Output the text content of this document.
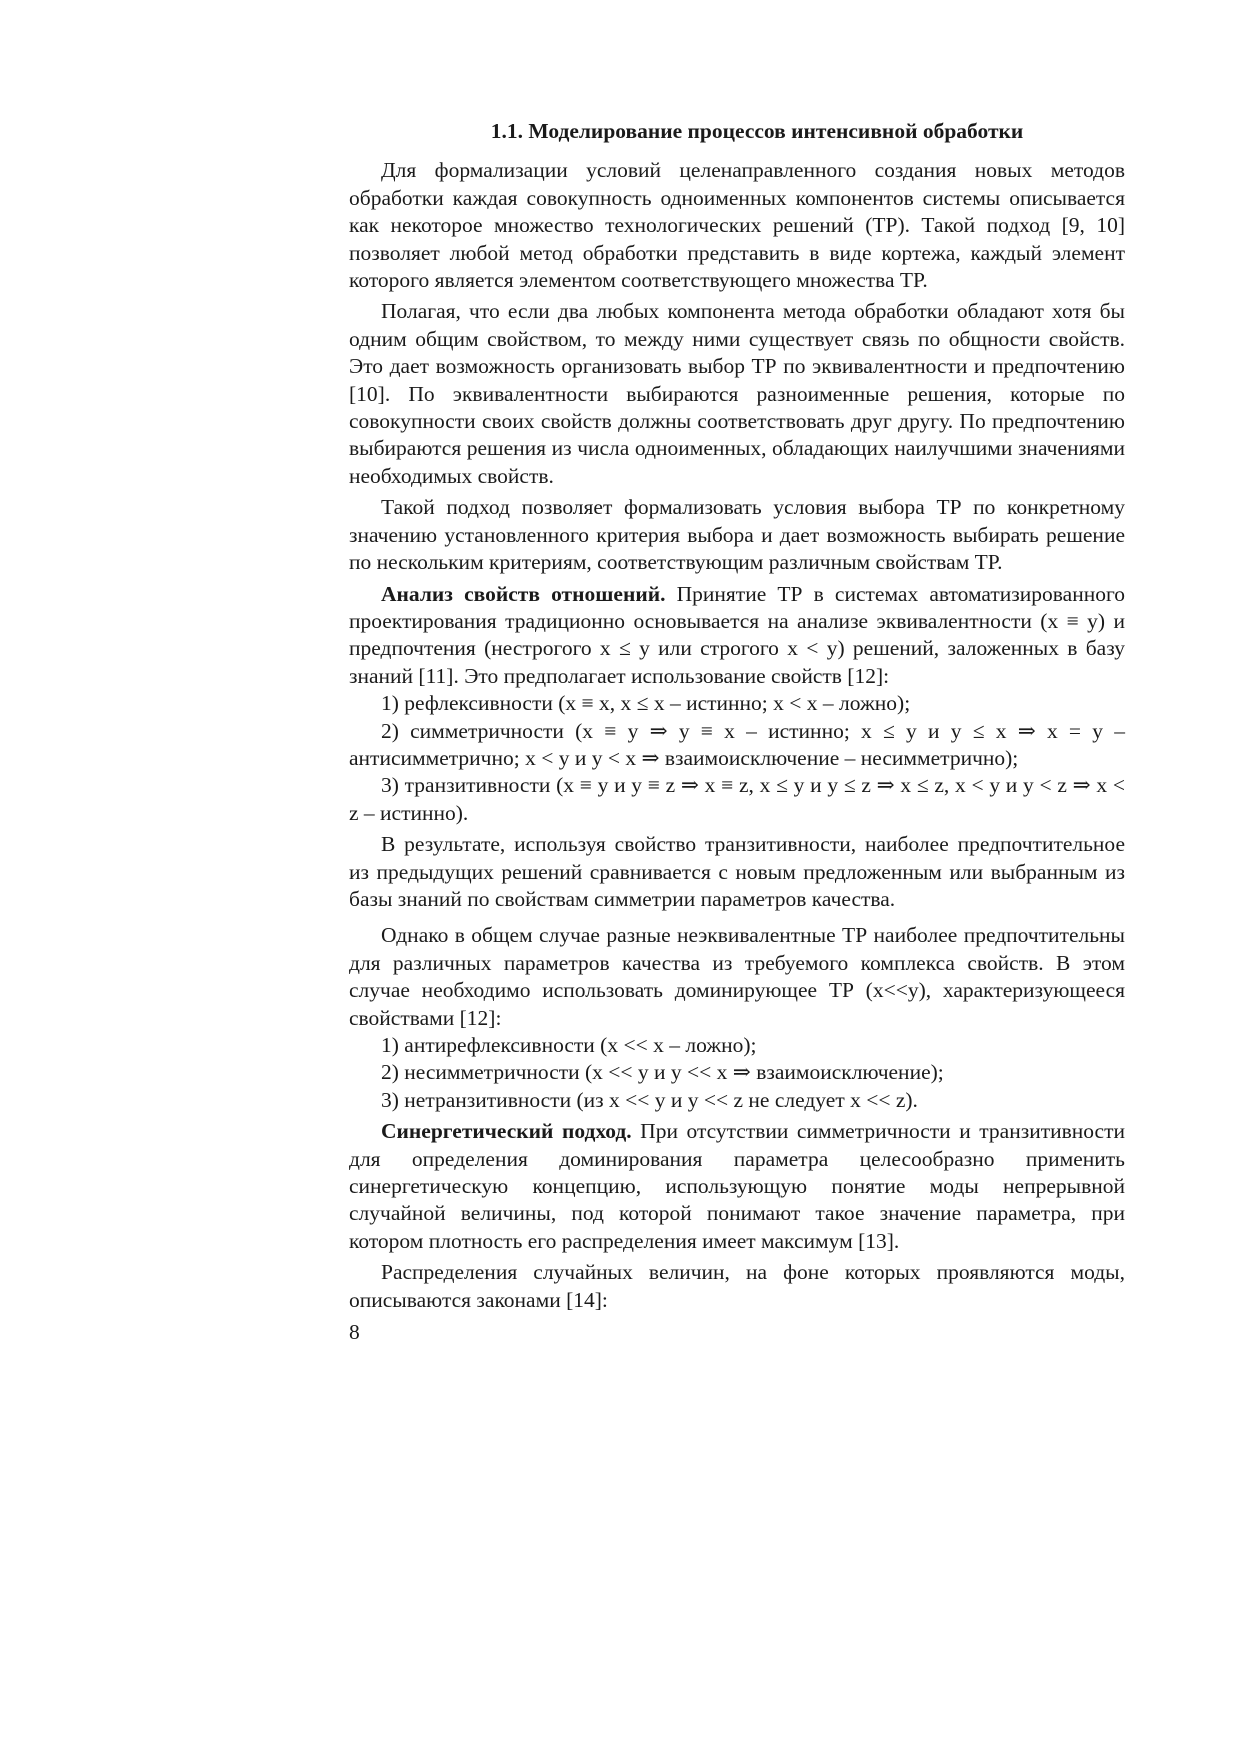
1.1. Моделирование процессов интенсивной обработки

Для формализации условий целенаправленного создания новых методов обработки каждая совокупность одноименных компонентов системы описывается как некоторое множество технологических решений (ТР). Такой подход [9, 10] позволяет любой метод обработки представить в виде кортежа, каждый элемент которого является элементом соответствующего множества ТР.

Полагая, что если два любых компонента метода обработки обладают хотя бы одним общим свойством, то между ними существует связь по общности свойств. Это дает возможность организовать выбор ТР по эквивалентности и предпочтению [10]. По эквивалентности выбираются разноименные решения, которые по совокупности своих свойств должны соответствовать друг другу. По предпочтению выбираются решения из числа одноименных, обладающих наилучшими значениями необходимых свойств.

Такой подход позволяет формализовать условия выбора ТР по конкретному значению установленного критерия выбора и дает возможность выбирать решение по нескольким критериям, соответствующим различным свойствам ТР.

Анализ свойств отношений. Принятие ТР в системах автоматизированного проектирования традиционно основывается на анализе эквивалентности (x ≡ y) и предпочтения (нестрогого x ≤ y или строгого x < y) решений, заложенных в базу знаний [11]. Это предполагает использование свойств [12]:

1) рефлексивности (x ≡ x, x ≤ x – истинно; x < x – ложно);

2) симметричности (x ≡ y ⇒ y ≡ x – истинно; x ≤ y и y ≤ x ⇒ x = y – антисимметрично; x < y и y < x ⇒ взаимоисключение – несимметрично);

3) транзитивности (x ≡ y и y ≡ z ⇒ x ≡ z, x ≤ y и y ≤ z ⇒ x ≤ z, x < y и y < z ⇒ x < z – истинно).

В результате, используя свойство транзитивности, наиболее предпочтительное из предыдущих решений сравнивается с новым предложенным или выбранным из базы знаний по свойствам симметрии параметров качества.

Однако в общем случае разные неэквивалентные ТР наиболее предпочтительны для различных параметров качества из требуемого комплекса свойств. В этом случае необходимо использовать доминирующее ТР (x<<y), характеризующееся свойствами [12]:

1) антирефлексивности (x << x – ложно);

2) несимметричности (x << y и y << x ⇒ взаимоисключение);

3) нетранзитивности (из x << y и y << z не следует x << z).

Синергетический подход. При отсутствии симметричности и транзитивности для определения доминирования параметра целесообразно применить синергетическую концепцию, использующую понятие моды непрерывной случайной величины, под которой понимают такое значение параметра, при котором плотность его распределения имеет максимум [13].

Распределения случайных величин, на фоне которых проявляются моды, описываются законами [14]:

8
